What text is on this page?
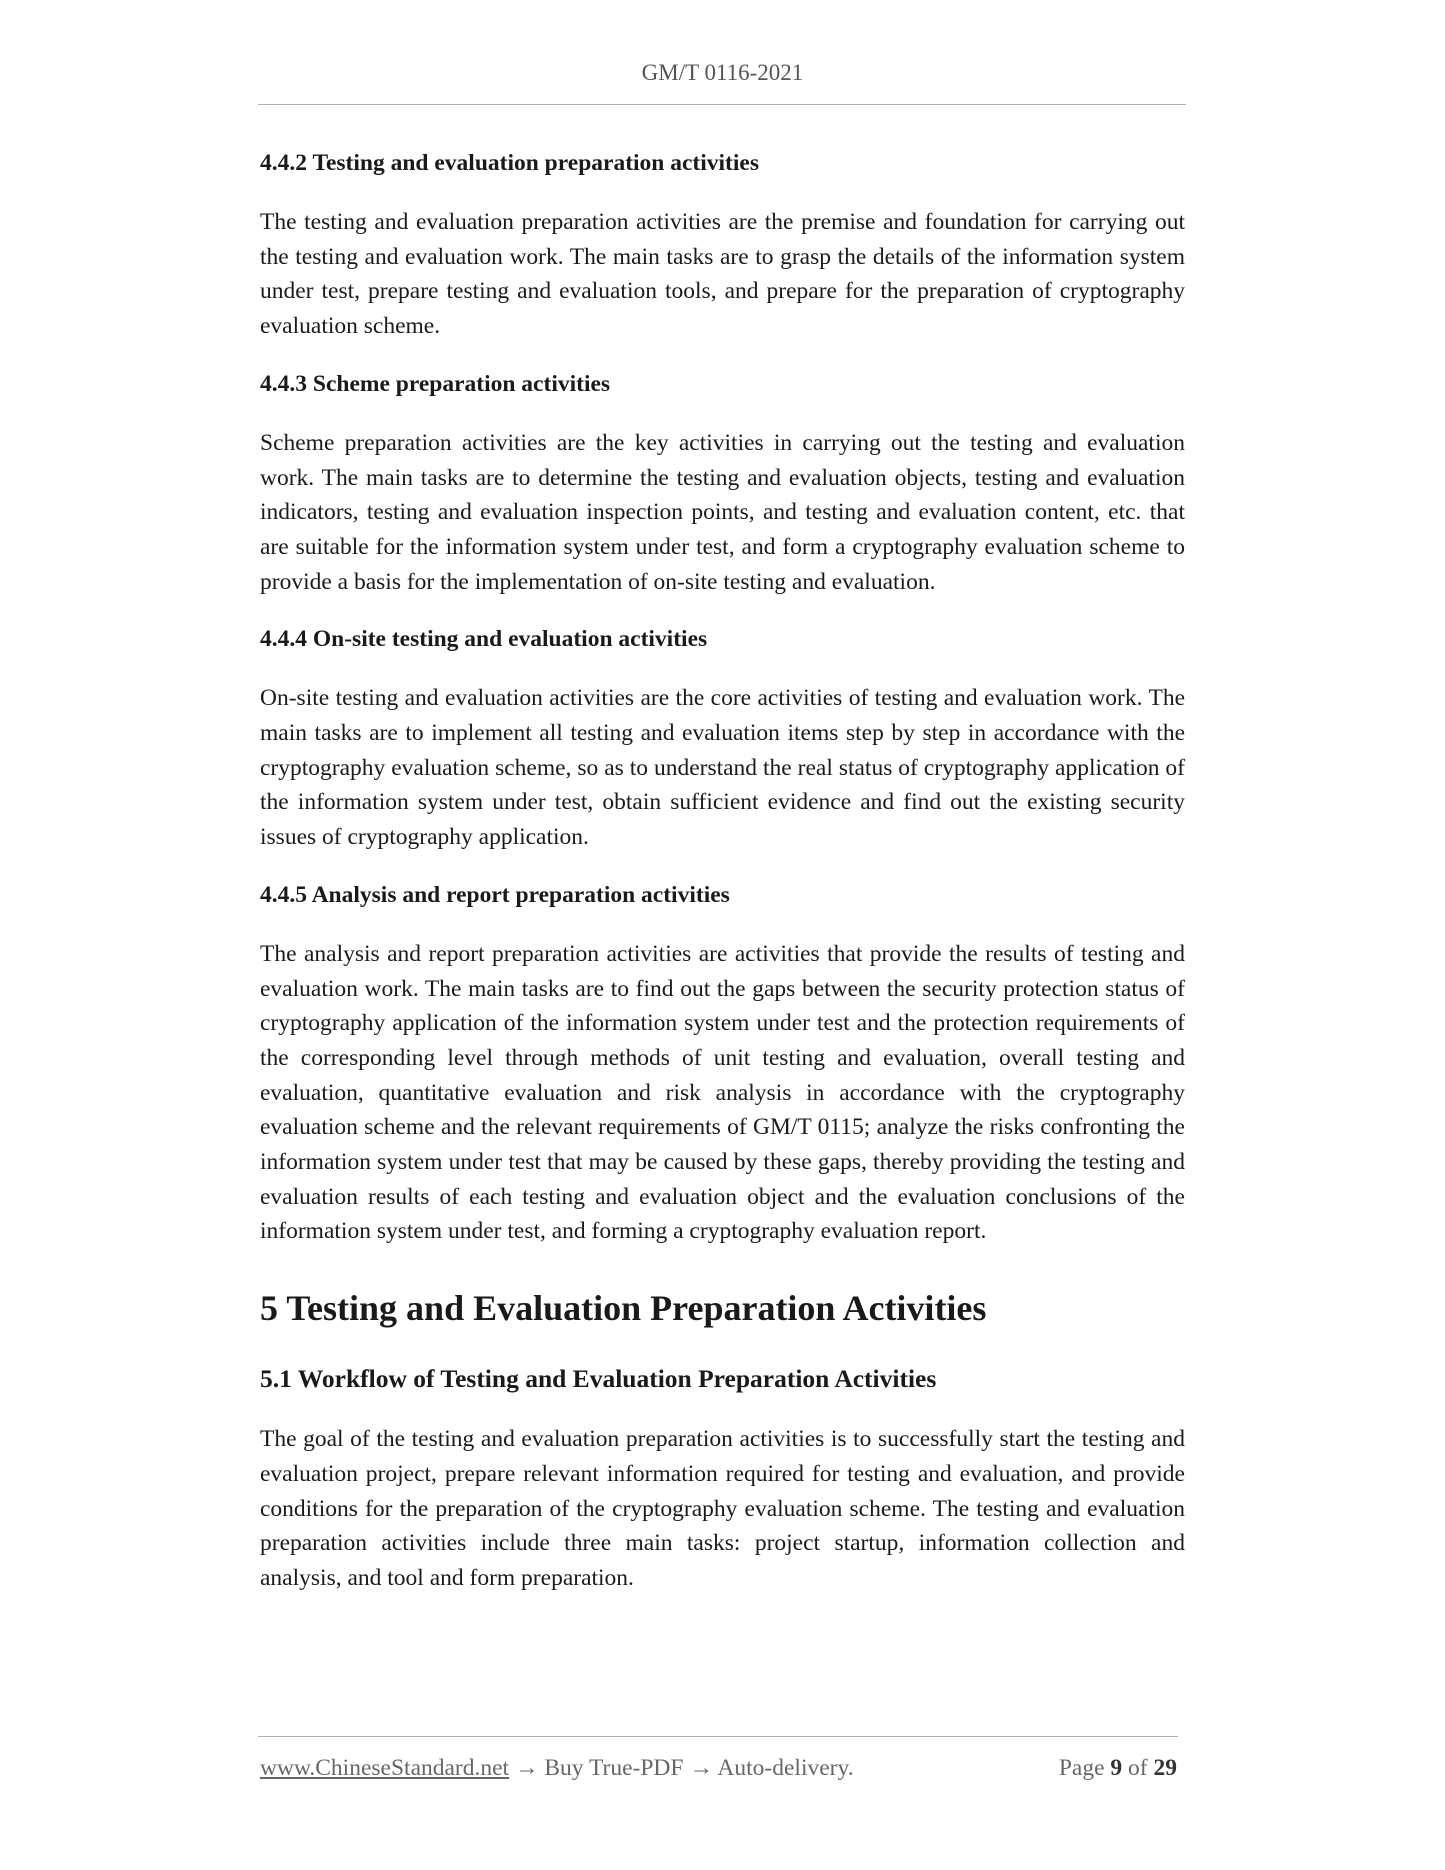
GM/T 0116-2021
4.4.2 Testing and evaluation preparation activities
The testing and evaluation preparation activities are the premise and foundation for carrying out the testing and evaluation work. The main tasks are to grasp the details of the information system under test, prepare testing and evaluation tools, and prepare for the preparation of cryptography evaluation scheme.
4.4.3 Scheme preparation activities
Scheme preparation activities are the key activities in carrying out the testing and evaluation work. The main tasks are to determine the testing and evaluation objects, testing and evaluation indicators, testing and evaluation inspection points, and testing and evaluation content, etc. that are suitable for the information system under test, and form a cryptography evaluation scheme to provide a basis for the implementation of on-site testing and evaluation.
4.4.4 On-site testing and evaluation activities
On-site testing and evaluation activities are the core activities of testing and evaluation work. The main tasks are to implement all testing and evaluation items step by step in accordance with the cryptography evaluation scheme, so as to understand the real status of cryptography application of the information system under test, obtain sufficient evidence and find out the existing security issues of cryptography application.
4.4.5 Analysis and report preparation activities
The analysis and report preparation activities are activities that provide the results of testing and evaluation work. The main tasks are to find out the gaps between the security protection status of cryptography application of the information system under test and the protection requirements of the corresponding level through methods of unit testing and evaluation, overall testing and evaluation, quantitative evaluation and risk analysis in accordance with the cryptography evaluation scheme and the relevant requirements of GM/T 0115; analyze the risks confronting the information system under test that may be caused by these gaps, thereby providing the testing and evaluation results of each testing and evaluation object and the evaluation conclusions of the information system under test, and forming a cryptography evaluation report.
5 Testing and Evaluation Preparation Activities
5.1 Workflow of Testing and Evaluation Preparation Activities
The goal of the testing and evaluation preparation activities is to successfully start the testing and evaluation project, prepare relevant information required for testing and evaluation, and provide conditions for the preparation of the cryptography evaluation scheme. The testing and evaluation preparation activities include three main tasks: project startup, information collection and analysis, and tool and form preparation.
www.ChineseStandard.net → Buy True-PDF → Auto-delivery.	Page 9 of 29
